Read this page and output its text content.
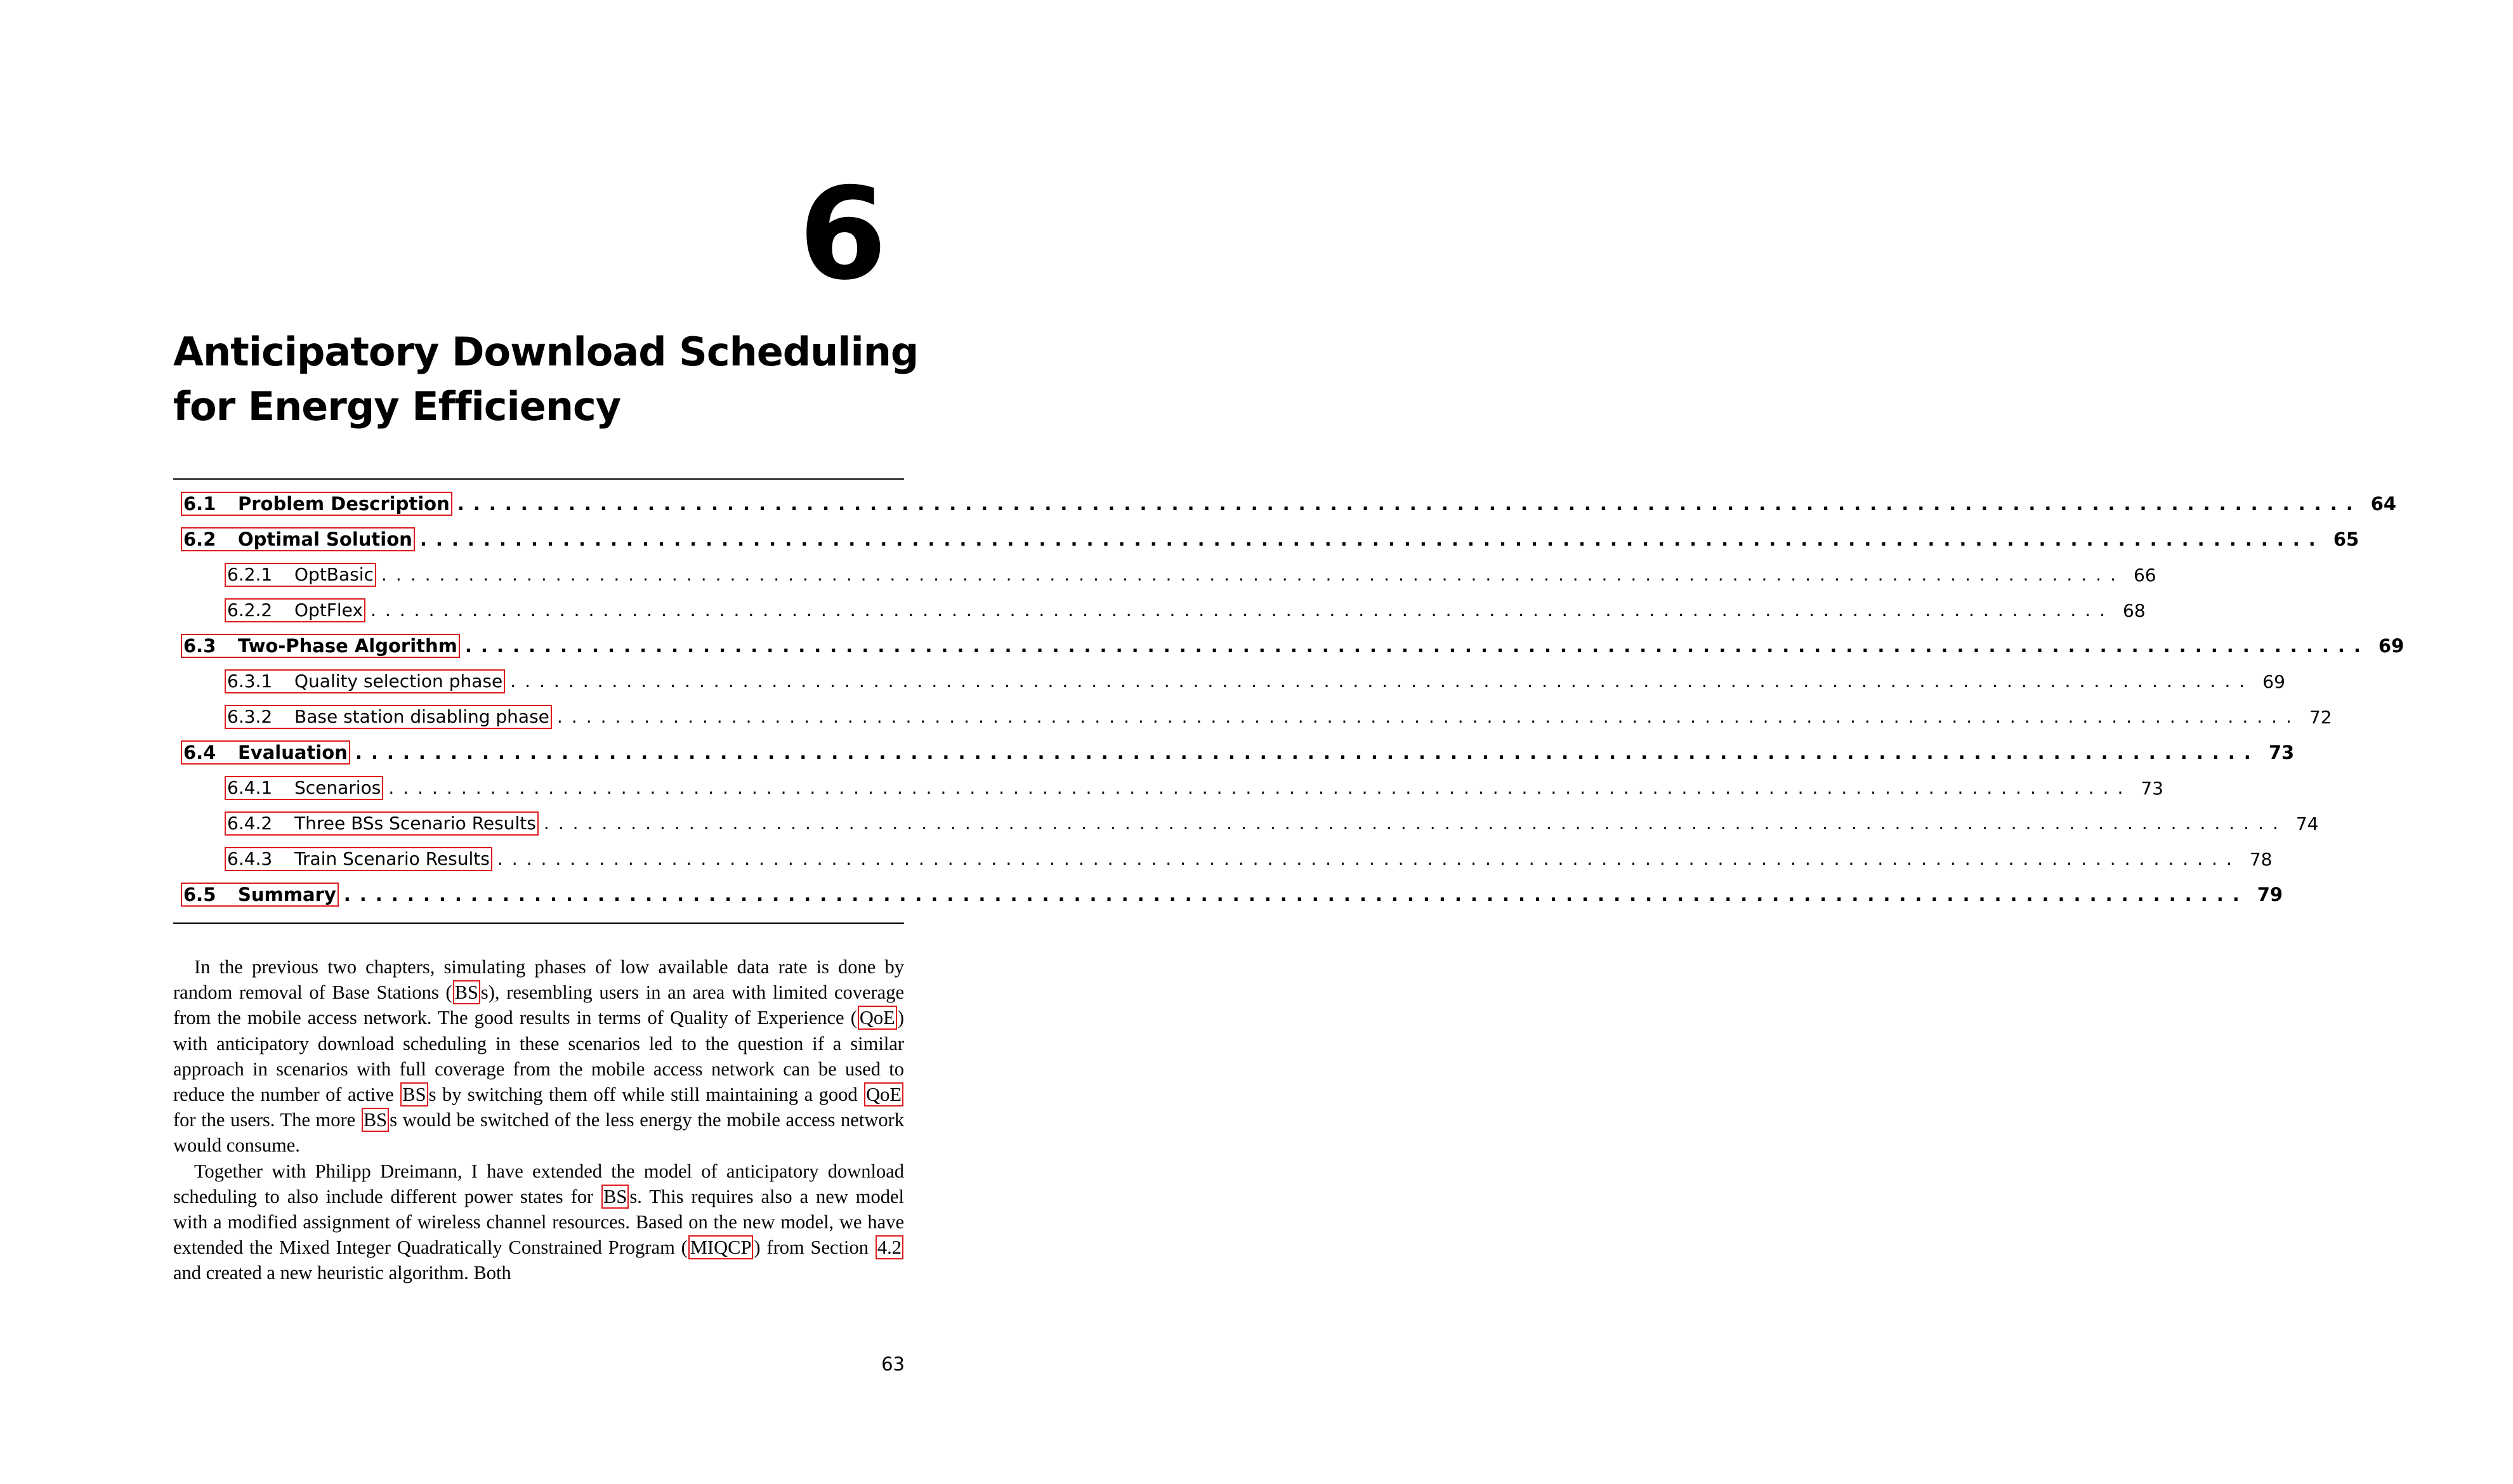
6
Anticipatory Download Scheduling
for Energy Efficiency
6.1	Problem Description ........................................................................................................................ 64
6.2	Optimal Solution ........................................................................................................................ 65
6.2.1	OptBasic ........................................................................................................................ 66
6.2.2	OptFlex ........................................................................................................................ 68
6.3	Two-Phase Algorithm ........................................................................................................................ 69
6.3.1	Quality selection phase ........................................................................................................................ 69
6.3.2	Base station disabling phase ........................................................................................................................ 72
6.4	Evaluation ........................................................................................................................ 73
6.4.1	Scenarios ........................................................................................................................ 73
6.4.2	Three BSs Scenario Results ........................................................................................................................ 74
6.4.3	Train Scenario Results ........................................................................................................................ 78
6.5	Summary ........................................................................................................................ 79

In the previous two chapters, simulating phases of low available data rate is done by random removal of Base Stations ( BS s), resembling users in an area with limited coverage from the mobile access network. The good results in terms of Quality of Experience ( QoE ) with anticipatory download scheduling in these scenarios led to the question if a similar approach in scenarios with full coverage from the mobile access network can be used to reduce the number of active BS s by switching them off while still maintaining a good QoE for the users. The more BS s would be switched of the less energy the mobile access network would consume.

Together with Philipp Dreimann, I have extended the model of anticipatory download scheduling to also include different power states for BS s. This requires also a new model with a modified assignment of wireless channel resources. Based on the new model, we have extended the Mixed Integer Quadratically Constrained Program ( MIQCP ) from Section 4.2 and created a new heuristic algorithm. Both

63
